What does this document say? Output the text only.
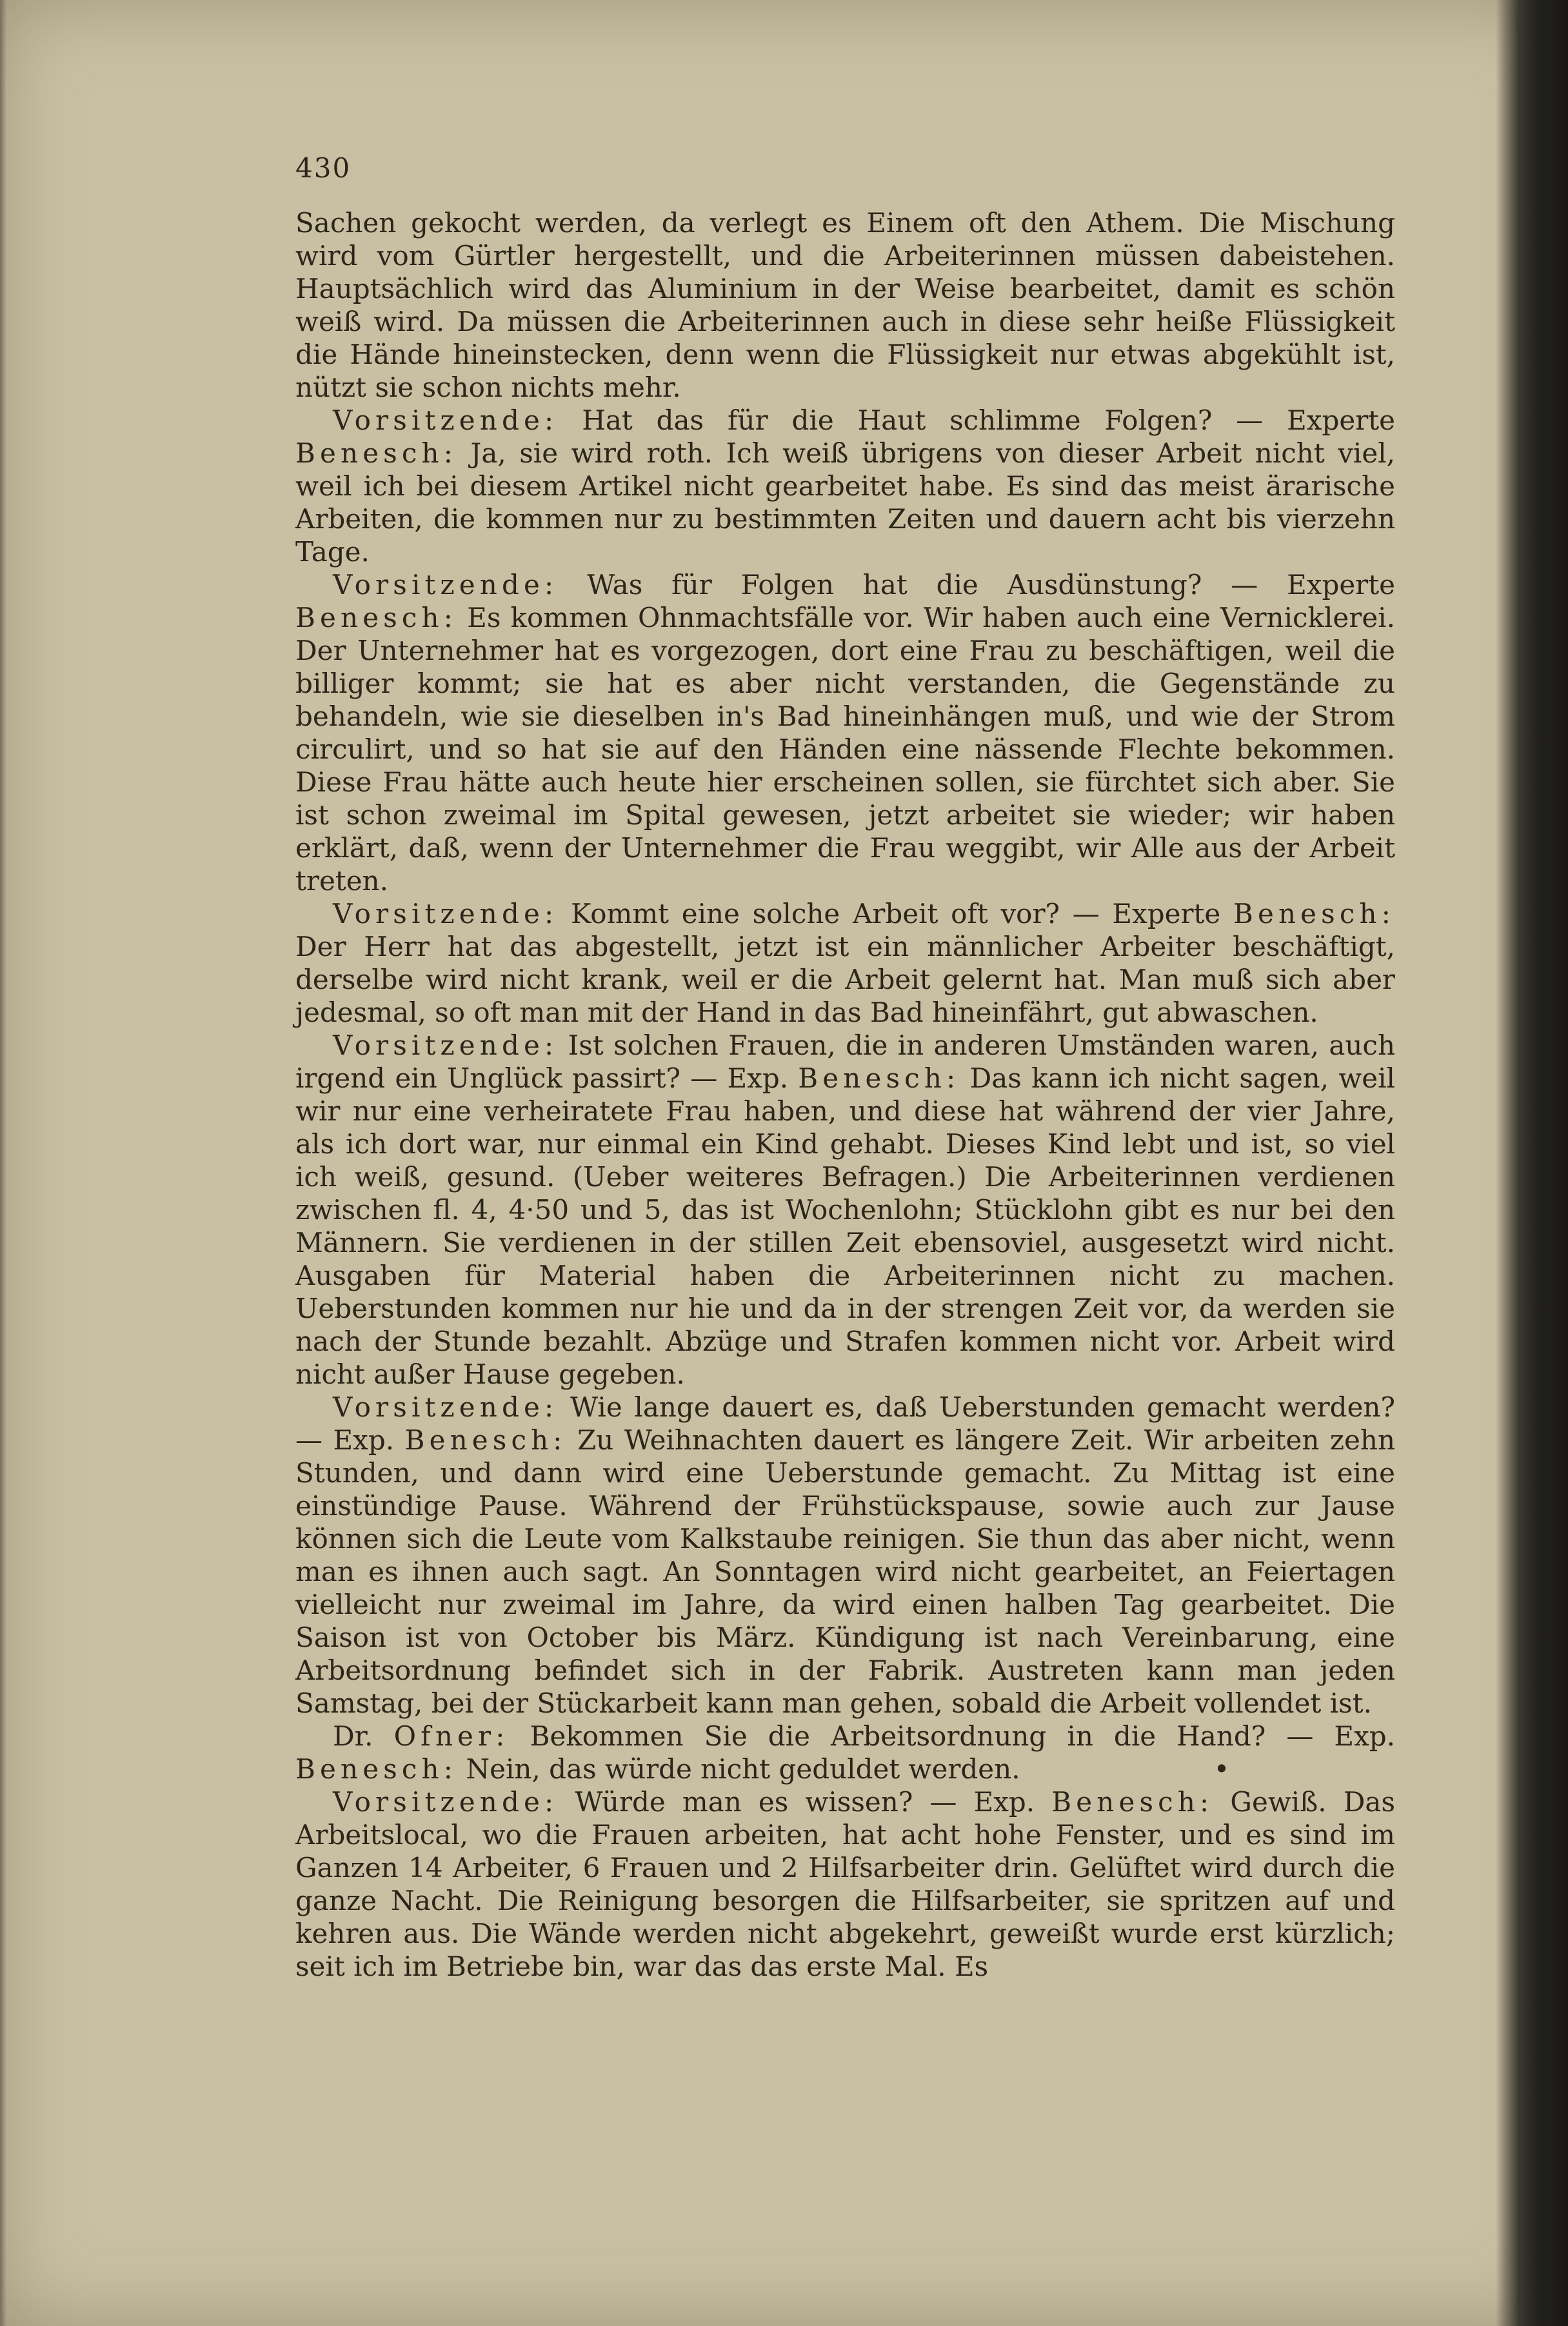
430

Sachen gekocht werden, da verlegt es Einem oft den Athem. Die Mischung wird vom Gürtler hergestellt, und die Arbeiterinnen müssen dabeistehen. Hauptsächlich wird das Aluminium in der Weise bearbeitet, damit es schön weiß wird. Da müssen die Arbeiterinnen auch in diese sehr heiße Flüssigkeit die Hände hineinstecken, denn wenn die Flüssigkeit nur etwas abgekühlt ist, nützt sie schon nichts mehr.

Vorsitzende: Hat das für die Haut schlimme Folgen? — Experte Benesch: Ja, sie wird roth. Ich weiß übrigens von dieser Arbeit nicht viel, weil ich bei diesem Artikel nicht gearbeitet habe. Es sind das meist ärarische Arbeiten, die kommen nur zu bestimmten Zeiten und dauern acht bis vierzehn Tage.

Vorsitzende: Was für Folgen hat die Ausdünstung? — Experte Benesch: Es kommen Ohnmachtsfälle vor. Wir haben auch eine Vernicklerei. Der Unternehmer hat es vorgezogen, dort eine Frau zu beschäftigen, weil die billiger kommt; sie hat es aber nicht verstanden, die Gegenstände zu behandeln, wie sie dieselben in's Bad hineinhängen muß, und wie der Strom circulirt, und so hat sie auf den Händen eine nässende Flechte bekommen. Diese Frau hätte auch heute hier erscheinen sollen, sie fürchtet sich aber. Sie ist schon zweimal im Spital gewesen, jetzt arbeitet sie wieder; wir haben erklärt, daß, wenn der Unternehmer die Frau weggibt, wir Alle aus der Arbeit treten.

Vorsitzende: Kommt eine solche Arbeit oft vor? — Experte Benesch: Der Herr hat das abgestellt, jetzt ist ein männlicher Arbeiter beschäftigt, derselbe wird nicht krank, weil er die Arbeit gelernt hat. Man muß sich aber jedesmal, so oft man mit der Hand in das Bad hineinfährt, gut abwaschen.

Vorsitzende: Ist solchen Frauen, die in anderen Umständen waren, auch irgend ein Unglück passirt? — Exp. Benesch: Das kann ich nicht sagen, weil wir nur eine verheiratete Frau haben, und diese hat während der vier Jahre, als ich dort war, nur einmal ein Kind gehabt. Dieses Kind lebt und ist, so viel ich weiß, gesund. (Ueber weiteres Befragen.) Die Arbeiterinnen verdienen zwischen fl. 4, 4·50 und 5, das ist Wochenlohn; Stücklohn gibt es nur bei den Männern. Sie verdienen in der stillen Zeit ebensoviel, ausgesetzt wird nicht. Ausgaben für Material haben die Arbeiterinnen nicht zu machen. Ueberstunden kommen nur hie und da in der strengen Zeit vor, da werden sie nach der Stunde bezahlt. Abzüge und Strafen kommen nicht vor. Arbeit wird nicht außer Hause gegeben.

Vorsitzende: Wie lange dauert es, daß Ueberstunden gemacht werden? — Exp. Benesch: Zu Weihnachten dauert es längere Zeit. Wir arbeiten zehn Stunden, und dann wird eine Ueberstunde gemacht. Zu Mittag ist eine einstündige Pause. Während der Frühstückspause, sowie auch zur Jause können sich die Leute vom Kalkstaube reinigen. Sie thun das aber nicht, wenn man es ihnen auch sagt. An Sonntagen wird nicht gearbeitet, an Feiertagen vielleicht nur zweimal im Jahre, da wird einen halben Tag gearbeitet. Die Saison ist von October bis März. Kündigung ist nach Vereinbarung, eine Arbeitsordnung befindet sich in der Fabrik. Austreten kann man jeden Samstag, bei der Stückarbeit kann man gehen, sobald die Arbeit vollendet ist.

Dr. Ofner: Bekommen Sie die Arbeitsordnung in die Hand? — Exp. Benesch: Nein, das würde nicht geduldet werden.	•

Vorsitzende: Würde man es wissen? — Exp. Benesch: Gewiß. Das Arbeitslocal, wo die Frauen arbeiten, hat acht hohe Fenster, und es sind im Ganzen 14 Arbeiter, 6 Frauen und 2 Hilfsarbeiter drin. Gelüftet wird durch die ganze Nacht. Die Reinigung besorgen die Hilfsarbeiter, sie spritzen auf und kehren aus. Die Wände werden nicht abgekehrt, geweißt wurde erst kürzlich; seit ich im Betriebe bin, war das das erste Mal. Es
